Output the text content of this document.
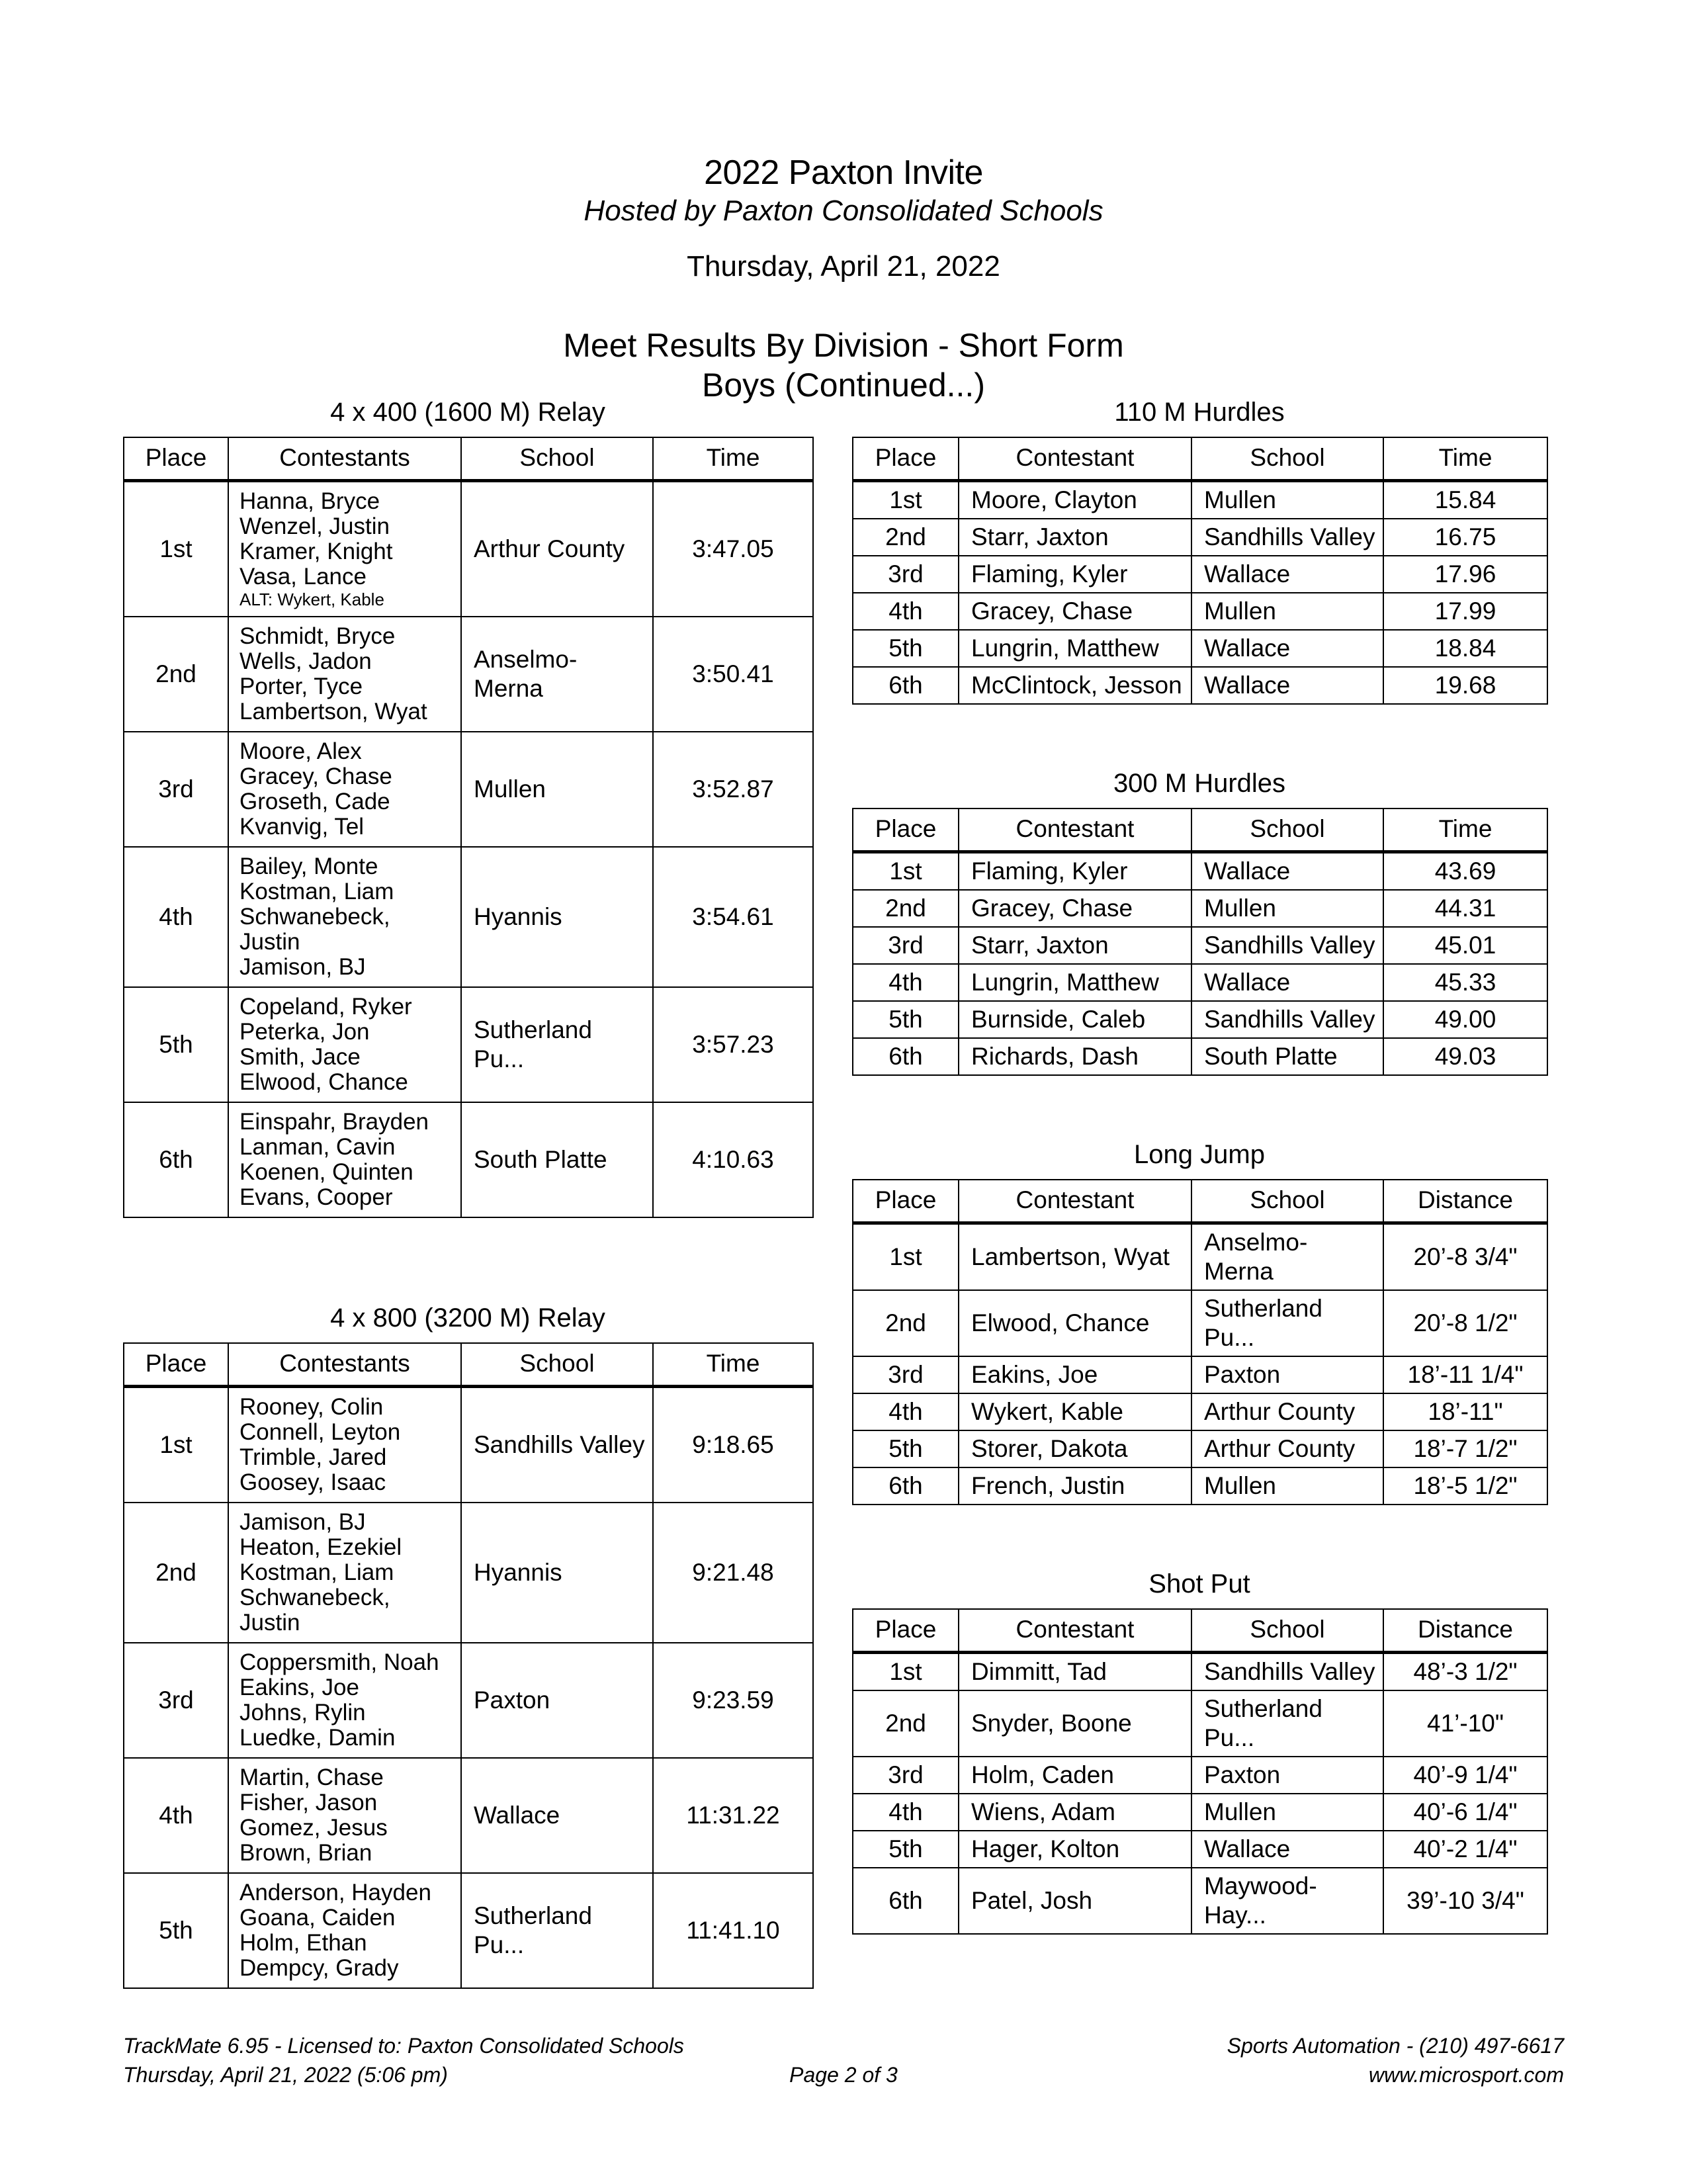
2022 Paxton Invite
Hosted by Paxton Consolidated Schools
Thursday, April 21, 2022
Meet Results By Division - Short Form
Boys (Continued...)
4 x 400 (1600 M) Relay
Place	Contestants	School	Time
1st	Hanna, Bryce
Wenzel, Justin
Kramer, Knight
Vasa, Lance
ALT: Wykert, Kable	Arthur County	3:47.05
2nd	Schmidt, Bryce
Wells, Jadon
Porter, Tyce
Lambertson, Wyat	Anselmo-Merna	3:50.41
3rd	Moore, Alex
Gracey, Chase
Groseth, Cade
Kvanvig, Tel	Mullen	3:52.87
4th	Bailey, Monte
Kostman, Liam
Schwanebeck, Justin
Jamison, BJ	Hyannis	3:54.61
5th	Copeland, Ryker
Peterka, Jon
Smith, Jace
Elwood, Chance	Sutherland Pu...	3:57.23
6th	Einspahr, Brayden
Lanman, Cavin
Koenen, Quinten
Evans, Cooper	South Platte	4:10.63
4 x 800 (3200 M) Relay
Place	Contestants	School	Time
1st	Rooney, Colin
Connell, Leyton
Trimble, Jared
Goosey, Isaac	Sandhills Valley	9:18.65
2nd	Jamison, BJ
Heaton, Ezekiel
Kostman, Liam
Schwanebeck, Justin	Hyannis	9:21.48
3rd	Coppersmith, Noah
Eakins, Joe
Johns, Rylin
Luedke, Damin	Paxton	9:23.59
4th	Martin, Chase
Fisher, Jason
Gomez, Jesus
Brown, Brian	Wallace	11:31.22
5th	Anderson, Hayden
Goana, Caiden
Holm, Ethan
Dempcy, Grady	Sutherland Pu...	11:41.10
110 M Hurdles
Place	Contestant	School	Time
1st	Moore, Clayton	Mullen	15.84
2nd	Starr, Jaxton	Sandhills Valley	16.75
3rd	Flaming, Kyler	Wallace	17.96
4th	Gracey, Chase	Mullen	17.99
5th	Lungrin, Matthew	Wallace	18.84
6th	McClintock, Jesson	Wallace	19.68
300 M Hurdles
Place	Contestant	School	Time
1st	Flaming, Kyler	Wallace	43.69
2nd	Gracey, Chase	Mullen	44.31
3rd	Starr, Jaxton	Sandhills Valley	45.01
4th	Lungrin, Matthew	Wallace	45.33
5th	Burnside, Caleb	Sandhills Valley	49.00
6th	Richards, Dash	South Platte	49.03
Long Jump
Place	Contestant	School	Distance
1st	Lambertson, Wyat	Anselmo-Merna	20’-8 3/4"
2nd	Elwood, Chance	Sutherland Pu...	20’-8 1/2"
3rd	Eakins, Joe	Paxton	18’-11 1/4"
4th	Wykert, Kable	Arthur County	18’-11"
5th	Storer, Dakota	Arthur County	18’-7 1/2"
6th	French, Justin	Mullen	18’-5 1/2"
Shot Put
Place	Contestant	School	Distance
1st	Dimmitt, Tad	Sandhills Valley	48’-3 1/2"
2nd	Snyder, Boone	Sutherland Pu...	41’-10"
3rd	Holm, Caden	Paxton	40’-9 1/4"
4th	Wiens, Adam	Mullen	40’-6 1/4"
5th	Hager, Kolton	Wallace	40’-2 1/4"
6th	Patel, Josh	Maywood-Hay...	39’-10 3/4"
TrackMate 6.95 - Licensed to: Paxton Consolidated Schools
Thursday, April 21, 2022 (5:06 pm)	Page 2 of 3
Sports Automation - (210) 497-6617
www.microsport.com
